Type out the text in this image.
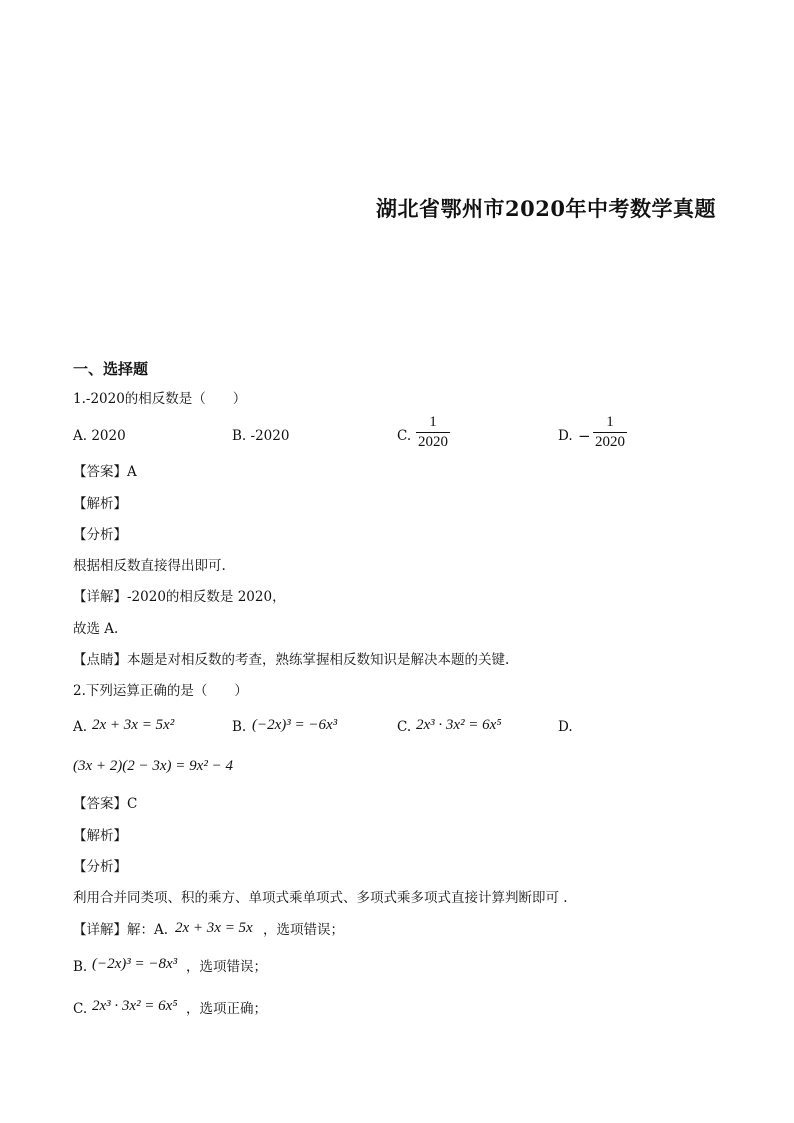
湖北省鄂州市2020年中考数学真题
一、选择题
1.-2020的相反数是（　　）
A. 2020	B. -2020	C.
1
2020	D. −
1
2020
【答案】A
【解析】
【分析】
根据相反数直接得出即可.
【详解】-2020的相反数是 2020，
故选 A.
【点睛】本题是对相反数的考查，熟练掌握相反数知识是解决本题的关键.
2.下列运算正确的是（　　）
A. 2x + 3x = 5x²	B. (−2x)³ = −6x³	C. 2x³ · 3x² = 6x⁵	D.
(3x + 2)(2 − 3x) = 9x² − 4
【答案】C
【解析】
【分析】
利用合并同类项、积的乘方、单项式乘单项式、多项式乘多项式直接计算判断即可 .
【详解】解：A. 2x + 3x = 5x ，选项错误；
B. (−2x)³ = −8x³ ，选项错误；
C. 2x³ · 3x² = 6x⁵ ，选项正确；
